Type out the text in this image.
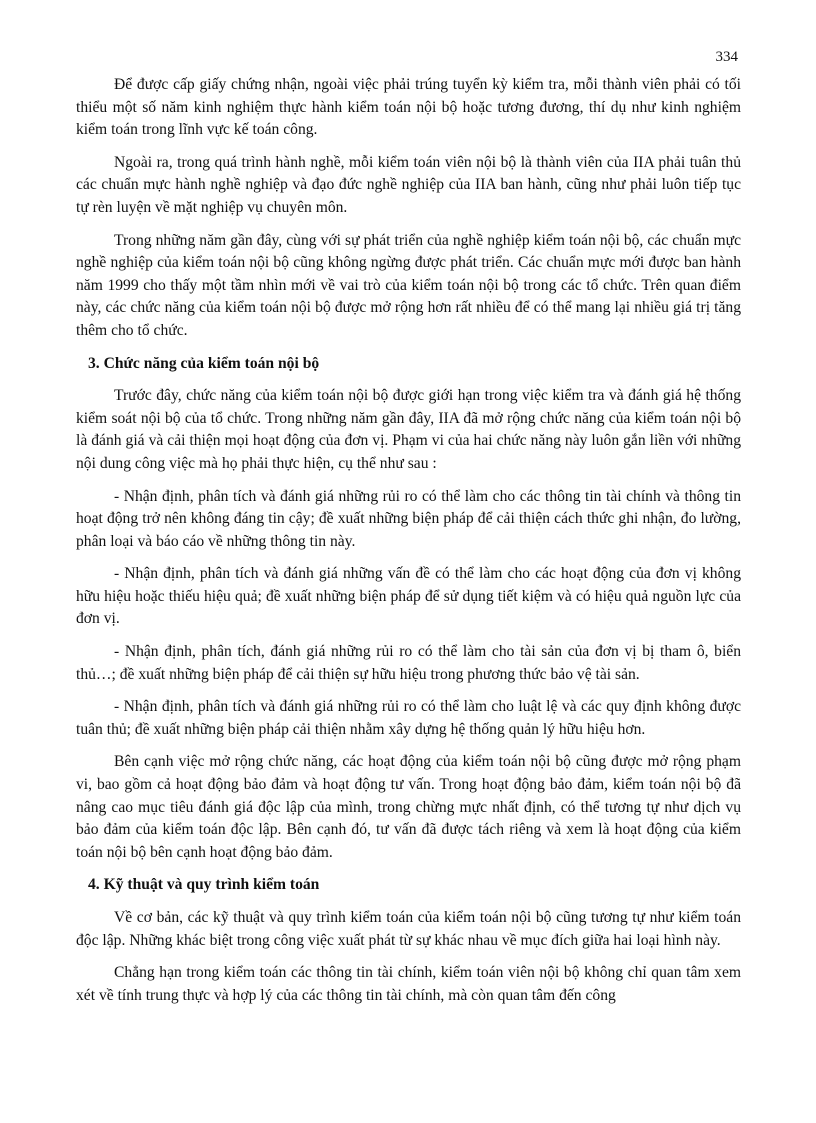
334

Để được cấp giấy chứng nhận, ngoài việc phải trúng tuyển kỳ kiểm tra, mỗi thành viên phải có tối thiểu một số năm kinh nghiệm thực hành kiểm toán nội bộ hoặc tương đương, thí dụ như kinh nghiệm kiểm toán trong lĩnh vực kế toán công.

Ngoài ra, trong quá trình hành nghề, mỗi kiểm toán viên nội bộ là thành viên của IIA phải tuân thủ các chuẩn mực hành nghề nghiệp và đạo đức nghề nghiệp của IIA ban hành, cũng như phải luôn tiếp tục tự rèn luyện về mặt nghiệp vụ chuyên môn.

Trong những năm gần đây, cùng với sự phát triển của nghề nghiệp kiểm toán nội bộ, các chuẩn mực nghề nghiệp của kiểm toán nội bộ cũng không ngừng được phát triển. Các chuẩn mực mới được ban hành năm 1999 cho thấy một tầm nhìn mới về vai trò của kiểm toán nội bộ trong các tổ chức. Trên quan điểm này, các chức năng của kiểm toán nội bộ được mở rộng hơn rất nhiều để có thể mang lại nhiều giá trị tăng thêm cho tổ chức.

3. Chức năng của kiểm toán nội bộ

Trước đây, chức năng của kiểm toán nội bộ được giới hạn trong việc kiểm tra và đánh giá hệ thống kiểm soát nội bộ của tổ chức. Trong những năm gần đây, IIA đã mở rộng chức năng của kiểm toán nội bộ là đánh giá và cải thiện mọi hoạt động của đơn vị. Phạm vi của hai chức năng này luôn gắn liền với những nội dung công việc mà họ phải thực hiện, cụ thể như sau :

- Nhận định, phân tích và đánh giá những rủi ro có thể làm cho các thông tin tài chính và thông tin hoạt động trở nên không đáng tin cậy; đề xuất những biện pháp để cải thiện cách thức ghi nhận, đo lường, phân loại và báo cáo về những thông tin này.

- Nhận định, phân tích và đánh giá những vấn đề có thể làm cho các hoạt động của đơn vị không hữu hiệu hoặc thiếu hiệu quả; đề xuất những biện pháp để sử dụng tiết kiệm và có hiệu quả nguồn lực của đơn vị.

- Nhận định, phân tích, đánh giá những rủi ro có thể làm cho tài sản của đơn vị bị tham ô, biển thủ…; đề xuất những biện pháp để cải thiện sự hữu hiệu trong phương thức bảo vệ tài sản.

- Nhận định, phân tích và đánh giá những rủi ro có thể làm cho luật lệ và các quy định không được tuân thủ; đề xuất những biện pháp cải thiện nhằm xây dựng hệ thống quản lý hữu hiệu hơn.

Bên cạnh việc mở rộng chức năng, các hoạt động của kiểm toán nội bộ cũng được mở rộng phạm vi, bao gồm cả hoạt động bảo đảm và hoạt động tư vấn. Trong hoạt động bảo đảm, kiểm toán nội bộ đã nâng cao mục tiêu đánh giá độc lập của mình, trong chừng mực nhất định, có thể tương tự như dịch vụ bảo đảm của kiểm toán độc lập. Bên cạnh đó, tư vấn đã được tách riêng và xem là hoạt động của kiểm toán nội bộ bên cạnh hoạt động bảo đảm.

4. Kỹ thuật và quy trình kiểm toán

Về cơ bản, các kỹ thuật và quy trình kiểm toán của kiểm toán nội bộ cũng tương tự như kiểm toán độc lập. Những khác biệt trong công việc xuất phát từ sự khác nhau về mục đích giữa hai loại hình này.

Chẳng hạn trong kiểm toán các thông tin tài chính, kiểm toán viên nội bộ không chỉ quan tâm xem xét về tính trung thực và hợp lý của các thông tin tài chính, mà còn quan tâm đến công
